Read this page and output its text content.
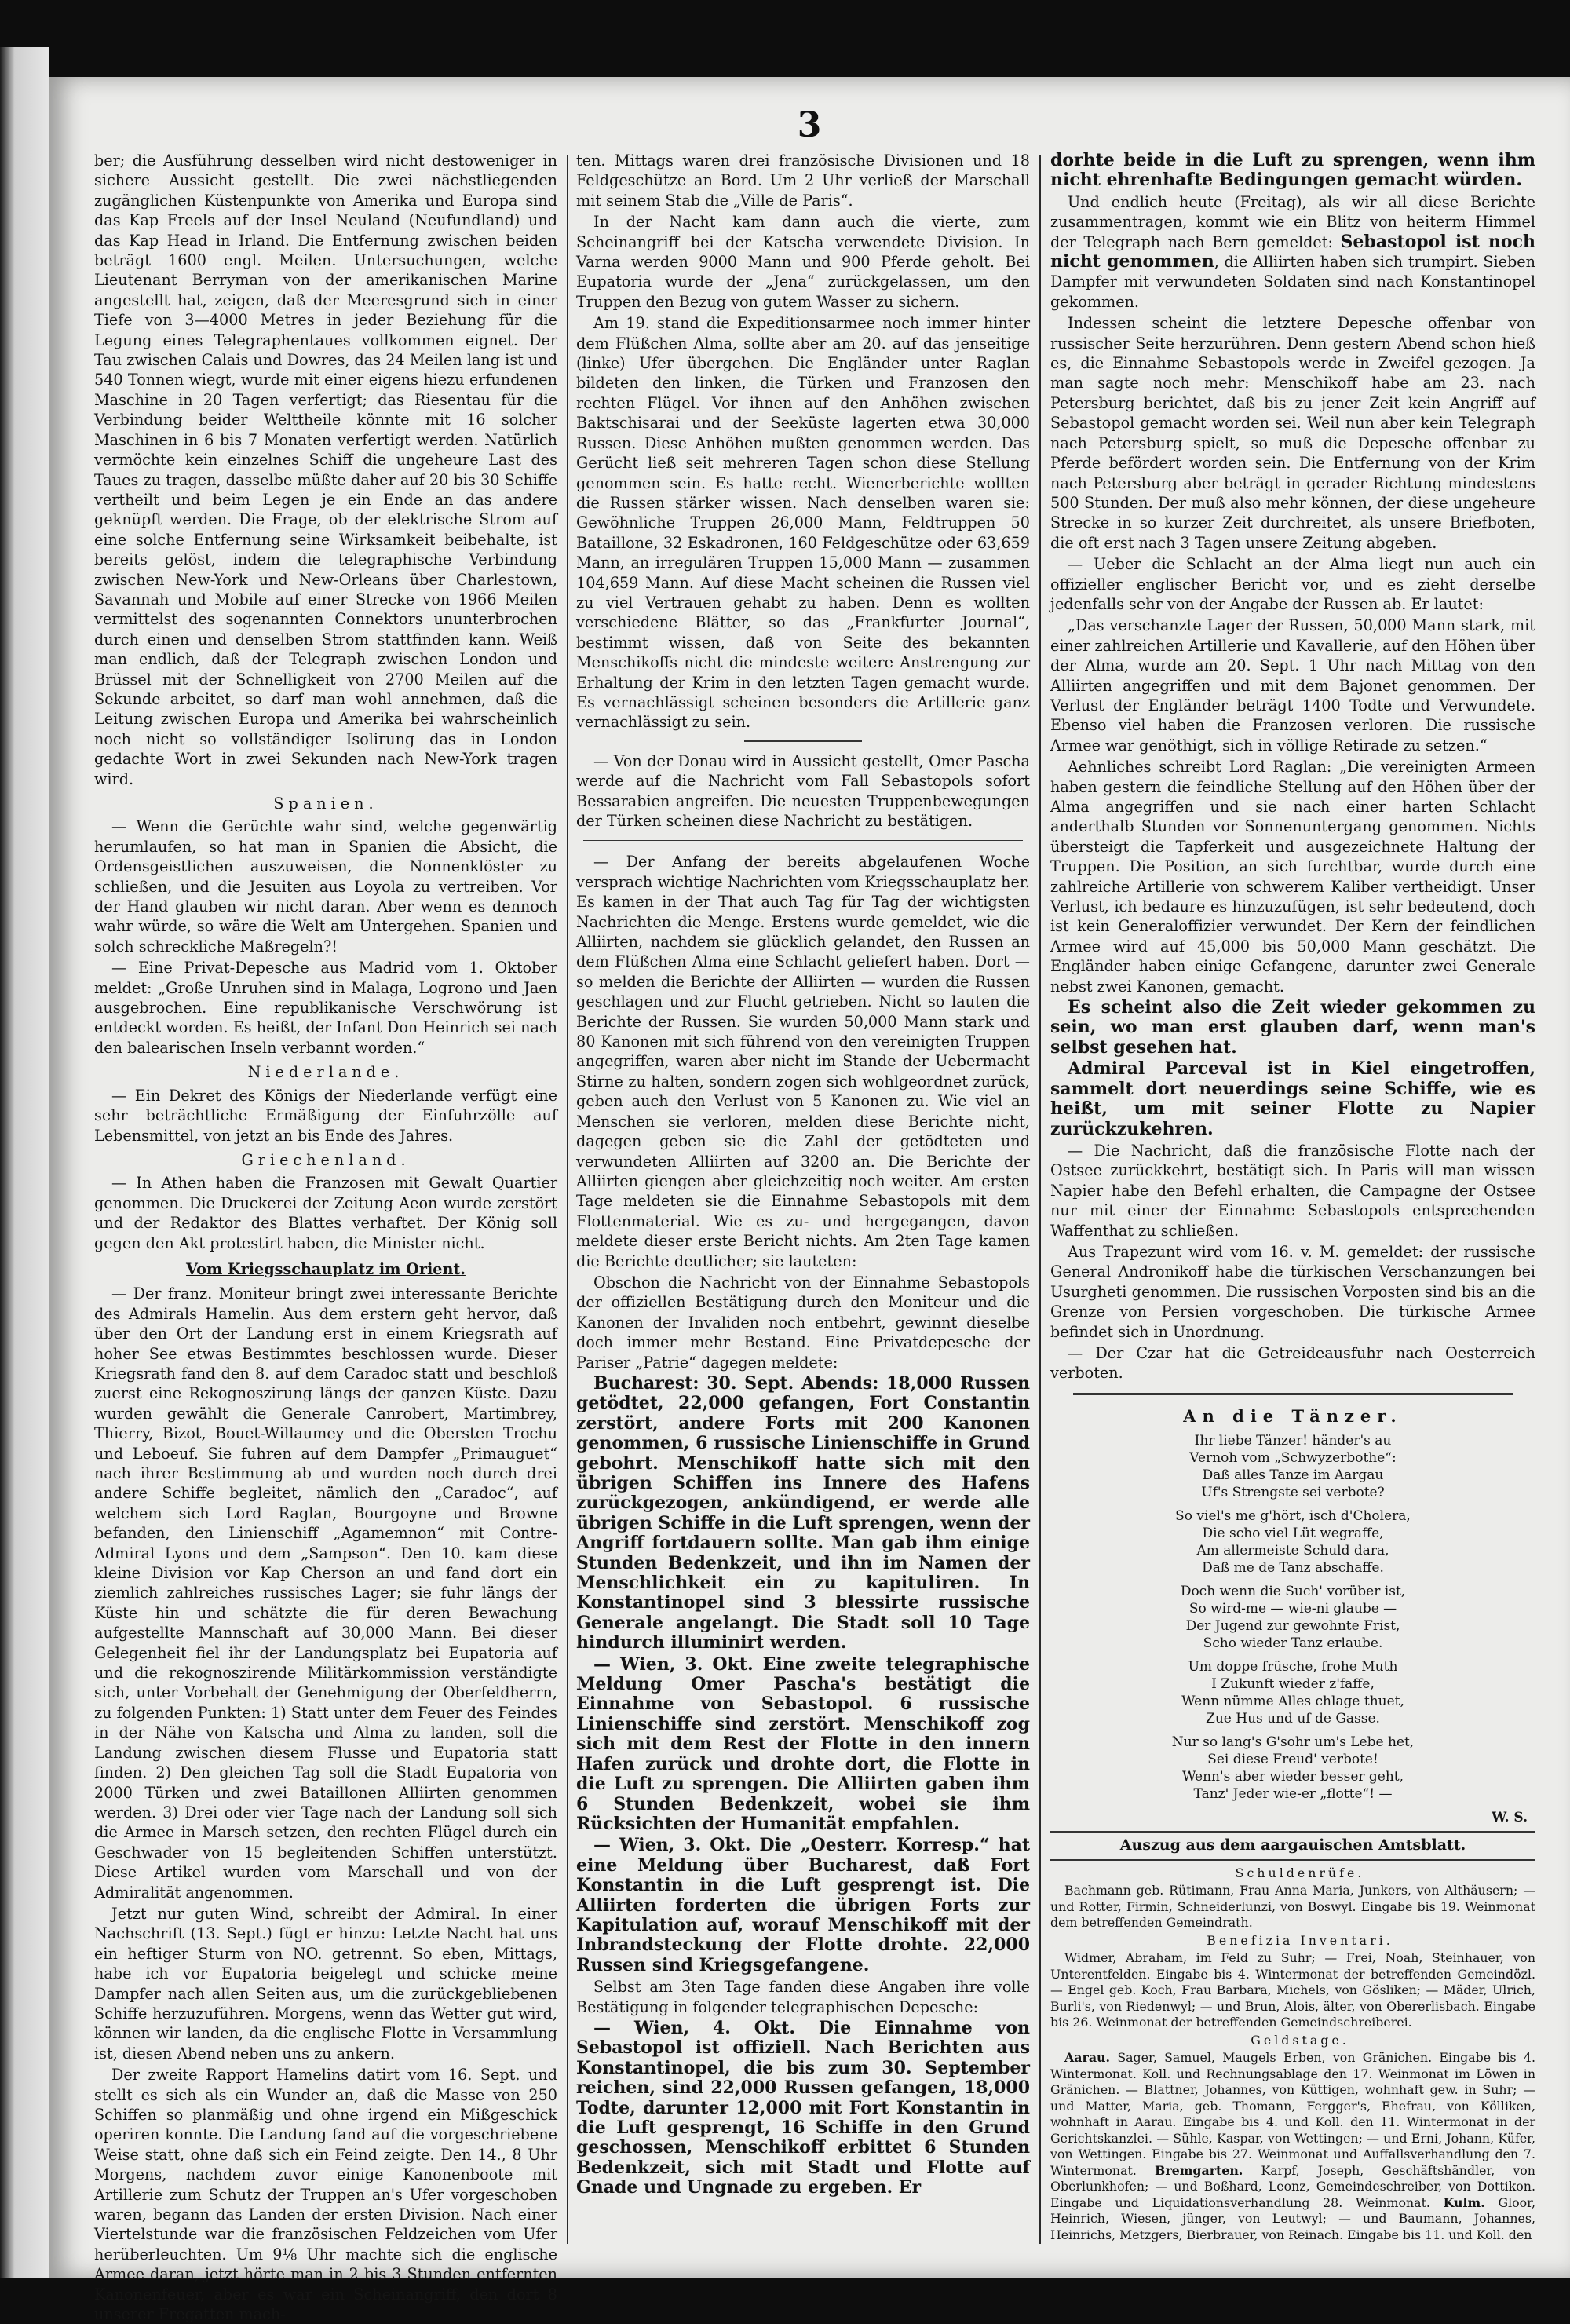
3

ber; die Ausführung desselben wird nicht destoweniger in sichere Aussicht gestellt. Die zwei nächstliegenden zugänglichen Küstenpunkte von Amerika und Europa sind das Kap Freels auf der Insel Neuland (Neufundland) und das Kap Head in Irland. Die Entfernung zwischen beiden beträgt 1600 engl. Meilen. Untersuchungen, welche Lieutenant Berryman von der amerikanischen Marine angestellt hat, zeigen, daß der Meeresgrund sich in einer Tiefe von 3—4000 Metres in jeder Beziehung für die Legung eines Telegraphentaues vollkommen eignet. Der Tau zwischen Calais und Dowres, das 24 Meilen lang ist und 540 Tonnen wiegt, wurde mit einer eigens hiezu erfundenen Maschine in 20 Tagen verfertigt; das Riesentau für die Verbindung beider Welttheile könnte mit 16 solcher Maschinen in 6 bis 7 Monaten verfertigt werden. Natürlich vermöchte kein einzelnes Schiff die ungeheure Last des Taues zu tragen, dasselbe müßte daher auf 20 bis 30 Schiffe vertheilt und beim Legen je ein Ende an das andere geknüpft werden. Die Frage, ob der elektrische Strom auf eine solche Entfernung seine Wirksamkeit beibehalte, ist bereits gelöst, indem die telegraphische Verbindung zwischen New-York und New-Orleans über Charlestown, Savannah und Mobile auf einer Strecke von 1966 Meilen vermittelst des sogenannten Connektors ununterbrochen durch einen und denselben Strom stattfinden kann. Weiß man endlich, daß der Telegraph zwischen London und Brüssel mit der Schnelligkeit von 2700 Meilen auf die Sekunde arbeitet, so darf man wohl annehmen, daß die Leitung zwischen Europa und Amerika bei wahrscheinlich noch nicht so vollständiger Isolirung das in London gedachte Wort in zwei Sekunden nach New-York tragen wird.

Spanien.

— Wenn die Gerüchte wahr sind, welche gegenwärtig herumlaufen, so hat man in Spanien die Absicht, die Ordensgeistlichen auszuweisen, die Nonnenklöster zu schließen, und die Jesuiten aus Loyola zu vertreiben. Vor der Hand glauben wir nicht daran. Aber wenn es dennoch wahr würde, so wäre die Welt am Untergehen. Spanien und solch schreckliche Maßregeln?!

— Eine Privat-Depesche aus Madrid vom 1. Oktober meldet: „Große Unruhen sind in Malaga, Logrono und Jaen ausgebrochen. Eine republikanische Verschwörung ist entdeckt worden. Es heißt, der Infant Don Heinrich sei nach den balearischen Inseln verbannt worden.“

Niederlande.

— Ein Dekret des Königs der Niederlande verfügt eine sehr beträchtliche Ermäßigung der Einfuhrzölle auf Lebensmittel, von jetzt an bis Ende des Jahres.

Griechenland.

— In Athen haben die Franzosen mit Gewalt Quartier genommen. Die Druckerei der Zeitung Aeon wurde zerstört und der Redaktor des Blattes verhaftet. Der König soll gegen den Akt protestirt haben, die Minister nicht.

Vom Kriegsschauplatz im Orient.

— Der franz. Moniteur bringt zwei interessante Berichte des Admirals Hamelin. Aus dem erstern geht hervor, daß über den Ort der Landung erst in einem Kriegsrath auf hoher See etwas Bestimmtes beschlossen wurde. Dieser Kriegsrath fand den 8. auf dem Caradoc statt und beschloß zuerst eine Rekognoszirung längs der ganzen Küste. Dazu wurden gewählt die Generale Canrobert, Martimbrey, Thierry, Bizot, Bouet-Willaumey und die Obersten Trochu und Leboeuf. Sie fuhren auf dem Dampfer „Primauguet“ nach ihrer Bestimmung ab und wurden noch durch drei andere Schiffe begleitet, nämlich den „Caradoc“, auf welchem sich Lord Raglan, Bourgoyne und Browne befanden, den Linienschiff „Agamemnon“ mit Contre-Admiral Lyons und dem „Sampson“. Den 10. kam diese kleine Division vor Kap Cherson an und fand dort ein ziemlich zahlreiches russisches Lager; sie fuhr längs der Küste hin und schätzte die für deren Bewachung aufgestellte Mannschaft auf 30,000 Mann. Bei dieser Gelegenheit fiel ihr der Landungsplatz bei Eupatoria auf und die rekognoszirende Militärkommission verständigte sich, unter Vorbehalt der Genehmigung der Oberfeldherrn, zu folgenden Punkten: 1) Statt unter dem Feuer des Feindes in der Nähe von Katscha und Alma zu landen, soll die Landung zwischen diesem Flusse und Eupatoria statt finden. 2) Den gleichen Tag soll die Stadt Eupatoria von 2000 Türken und zwei Bataillonen Alliirten genommen werden. 3) Drei oder vier Tage nach der Landung soll sich die Armee in Marsch setzen, den rechten Flügel durch ein Geschwader von 15 begleitenden Schiffen unterstützt. Diese Artikel wurden vom Marschall und von der Admiralität angenommen.

Jetzt nur guten Wind, schreibt der Admiral. In einer Nachschrift (13. Sept.) fügt er hinzu: Letzte Nacht hat uns ein heftiger Sturm von NO. getrennt. So eben, Mittags, habe ich vor Eupatoria beigelegt und schicke meine Dampfer nach allen Seiten aus, um die zurückgebliebenen Schiffe herzuzuführen. Morgens, wenn das Wetter gut wird, können wir landen, da die englische Flotte in Versammlung ist, diesen Abend neben uns zu ankern.

Der zweite Rapport Hamelins datirt vom 16. Sept. und stellt es sich als ein Wunder an, daß die Masse von 250 Schiffen so planmäßig und ohne irgend ein Mißgeschick operiren konnte. Die Landung fand auf die vorgeschriebene Weise statt, ohne daß sich ein Feind zeigte. Den 14., 8 Uhr Morgens, nachdem zuvor einige Kanonenboote mit Artillerie zum Schutz der Truppen an's Ufer vorgeschoben waren, begann das Landen der ersten Division. Nach einer Viertelstunde war die französischen Feldzeichen vom Ufer herüberleuchten. Um 9⅛ Uhr machte sich die englische Armee daran, jetzt hörte man in 2 bis 3 Stunden entfernten Kanonenfeuer, aber es war ein Scheinangriff, den dort 8 unserer Fregatten mach-

ten. Mittags waren drei französische Divisionen und 18 Feldgeschütze an Bord. Um 2 Uhr verließ der Marschall mit seinem Stab die „Ville de Paris“.

In der Nacht kam dann auch die vierte, zum Scheinangriff bei der Katscha verwendete Division. In Varna werden 9000 Mann und 900 Pferde geholt. Bei Eupatoria wurde der „Jena“ zurückgelassen, um den Truppen den Bezug von gutem Wasser zu sichern.

Am 19. stand die Expeditionsarmee noch immer hinter dem Flüßchen Alma, sollte aber am 20. auf das jenseitige (linke) Ufer übergehen. Die Engländer unter Raglan bildeten den linken, die Türken und Franzosen den rechten Flügel. Vor ihnen auf den Anhöhen zwischen Baktschisarai und der Seeküste lagerten etwa 30,000 Russen. Diese Anhöhen mußten genommen werden. Das Gerücht ließ seit mehreren Tagen schon diese Stellung genommen sein. Es hatte recht. Wienerberichte wollten die Russen stärker wissen. Nach denselben waren sie: Gewöhnliche Truppen 26,000 Mann, Feldtruppen 50 Bataillone, 32 Eskadronen, 160 Feldgeschütze oder 63,659 Mann, an irregulären Truppen 15,000 Mann — zusammen 104,659 Mann. Auf diese Macht scheinen die Russen viel zu viel Vertrauen gehabt zu haben. Denn es wollten verschiedene Blätter, so das „Frankfurter Journal“, bestimmt wissen, daß von Seite des bekannten Menschikoffs nicht die mindeste weitere Anstrengung zur Erhaltung der Krim in den letzten Tagen gemacht wurde. Es vernachlässigt scheinen besonders die Artillerie ganz vernachlässigt zu sein.

— Von der Donau wird in Aussicht gestellt, Omer Pascha werde auf die Nachricht vom Fall Sebastopols sofort Bessarabien angreifen. Die neuesten Truppenbewegungen der Türken scheinen diese Nachricht zu bestätigen.

— Der Anfang der bereits abgelaufenen Woche versprach wichtige Nachrichten vom Kriegsschauplatz her. Es kamen in der That auch Tag für Tag der wichtigsten Nachrichten die Menge. Erstens wurde gemeldet, wie die Alliirten, nachdem sie glücklich gelandet, den Russen an dem Flüßchen Alma eine Schlacht geliefert haben. Dort — so melden die Berichte der Alliirten — wurden die Russen geschlagen und zur Flucht getrieben. Nicht so lauten die Berichte der Russen. Sie wurden 50,000 Mann stark und 80 Kanonen mit sich führend von den vereinigten Truppen angegriffen, waren aber nicht im Stande der Uebermacht Stirne zu halten, sondern zogen sich wohlgeordnet zurück, geben auch den Verlust von 5 Kanonen zu. Wie viel an Menschen sie verloren, melden diese Berichte nicht, dagegen geben sie die Zahl der getödteten und verwundeten Alliirten auf 3200 an. Die Berichte der Alliirten giengen aber gleichzeitig noch weiter. Am ersten Tage meldeten sie die Einnahme Sebastopols mit dem Flottenmaterial. Wie es zu- und hergegangen, davon meldete dieser erste Bericht nichts. Am 2ten Tage kamen die Berichte deutlicher; sie lauteten:

Obschon die Nachricht von der Einnahme Sebastopols der offiziellen Bestätigung durch den Moniteur und die Kanonen der Invaliden noch entbehrt, gewinnt dieselbe doch immer mehr Bestand. Eine Privatdepesche der Pariser „Patrie“ dagegen meldete:

Bucharest: 30. Sept. Abends: 18,000 Russen getödtet, 22,000 gefangen, Fort Constantin zerstört, andere Forts mit 200 Kanonen genommen, 6 russische Linienschiffe in Grund gebohrt. Menschikoff hatte sich mit den übrigen Schiffen ins Innere des Hafens zurückgezogen, ankündigend, er werde alle übrigen Schiffe in die Luft sprengen, wenn der Angriff fortdauern sollte. Man gab ihm einige Stunden Bedenkzeit, und ihn im Namen der Menschlichkeit ein zu kapituliren. In Konstantinopel sind 3 blessirte russische Generale angelangt. Die Stadt soll 10 Tage hindurch illuminirt werden.

— Wien, 3. Okt. Eine zweite telegraphische Meldung Omer Pascha's bestätigt die Einnahme von Sebastopol. 6 russische Linienschiffe sind zerstört. Menschikoff zog sich mit dem Rest der Flotte in den innern Hafen zurück und drohte dort, die Flotte in die Luft zu sprengen. Die Alliirten gaben ihm 6 Stunden Bedenkzeit, wobei sie ihm Rücksichten der Humanität empfahlen.

— Wien, 3. Okt. Die „Oesterr. Korresp.“ hat eine Meldung über Bucharest, daß Fort Konstantin in die Luft gesprengt ist. Die Alliirten forderten die übrigen Forts zur Kapitulation auf, worauf Menschikoff mit der Inbrandsteckung der Flotte drohte. 22,000 Russen sind Kriegsgefangene.

Selbst am 3ten Tage fanden diese Angaben ihre volle Bestätigung in folgender telegraphischen Depesche:

— Wien, 4. Okt. Die Einnahme von Sebastopol ist offiziell. Nach Berichten aus Konstantinopel, die bis zum 30. September reichen, sind 22,000 Russen gefangen, 18,000 Todte, darunter 12,000 mit Fort Konstantin in die Luft gesprengt, 16 Schiffe in den Grund geschossen, Menschikoff erbittet 6 Stunden Bedenkzeit, sich mit Stadt und Flotte auf Gnade und Ungnade zu ergeben. Er

dorhte beide in die Luft zu sprengen, wenn ihm nicht ehrenhafte Bedingungen gemacht würden.

Und endlich heute (Freitag), als wir all diese Berichte zusammentragen, kommt wie ein Blitz von heiterm Himmel der Telegraph nach Bern gemeldet: Sebastopol ist noch nicht genommen, die Alliirten haben sich trumpirt. Sieben Dampfer mit verwundeten Soldaten sind nach Konstantinopel gekommen.

Indessen scheint die letztere Depesche offenbar von russischer Seite herzurühren. Denn gestern Abend schon hieß es, die Einnahme Sebastopols werde in Zweifel gezogen. Ja man sagte noch mehr: Menschikoff habe am 23. nach Petersburg berichtet, daß bis zu jener Zeit kein Angriff auf Sebastopol gemacht worden sei. Weil nun aber kein Telegraph nach Petersburg spielt, so muß die Depesche offenbar zu Pferde befördert worden sein. Die Entfernung von der Krim nach Petersburg aber beträgt in gerader Richtung mindestens 500 Stunden. Der muß also mehr können, der diese ungeheure Strecke in so kurzer Zeit durchreitet, als unsere Briefboten, die oft erst nach 3 Tagen unsere Zeitung abgeben.

— Ueber die Schlacht an der Alma liegt nun auch ein offizieller englischer Bericht vor, und es zieht derselbe jedenfalls sehr von der Angabe der Russen ab. Er lautet:

„Das verschanzte Lager der Russen, 50,000 Mann stark, mit einer zahlreichen Artillerie und Kavallerie, auf den Höhen über der Alma, wurde am 20. Sept. 1 Uhr nach Mittag von den Alliirten angegriffen und mit dem Bajonet genommen. Der Verlust der Engländer beträgt 1400 Todte und Verwundete. Ebenso viel haben die Franzosen verloren. Die russische Armee war genöthigt, sich in völlige Retirade zu setzen.“

Aehnliches schreibt Lord Raglan: „Die vereinigten Armeen haben gestern die feindliche Stellung auf den Höhen über der Alma angegriffen und sie nach einer harten Schlacht anderthalb Stunden vor Sonnenuntergang genommen. Nichts übersteigt die Tapferkeit und ausgezeichnete Haltung der Truppen. Die Position, an sich furchtbar, wurde durch eine zahlreiche Artillerie von schwerem Kaliber vertheidigt. Unser Verlust, ich bedaure es hinzuzufügen, ist sehr bedeutend, doch ist kein Generaloffizier verwundet. Der Kern der feindlichen Armee wird auf 45,000 bis 50,000 Mann geschätzt. Die Engländer haben einige Gefangene, darunter zwei Generale nebst zwei Kanonen, gemacht.

Es scheint also die Zeit wieder gekommen zu sein, wo man erst glauben darf, wenn man's selbst gesehen hat.

Admiral Parceval ist in Kiel eingetroffen, sammelt dort neuerdings seine Schiffe, wie es heißt, um mit seiner Flotte zu Napier zurückzukehren.

— Die Nachricht, daß die französische Flotte nach der Ostsee zurückkehrt, bestätigt sich. In Paris will man wissen Napier habe den Befehl erhalten, die Campagne der Ostsee nur mit einer der Einnahme Sebastopols entsprechenden Waffenthat zu schließen.

Aus Trapezunt wird vom 16. v. M. gemeldet: der russische General Andronikoff habe die türkischen Verschanzungen bei Usurgheti genommen. Die russischen Vorposten sind bis an die Grenze von Persien vorgeschoben. Die türkische Armee befindet sich in Unordnung.

— Der Czar hat die Getreideausfuhr nach Oesterreich verboten.

An die Tänzer.
Ihr liebe Tänzer! händer's au
Vernoh vom „Schwyzerbothe“:
Daß alles Tanze im Aargau
Uf's Strengste sei verbote?
So viel's me g'hört, isch d'Cholera,
Die scho viel Lüt wegraffe,
Am allermeiste Schuld dara,
Daß me de Tanz abschaffe.
Doch wenn die Such' vorüber ist,
So wird-me — wie-ni glaube —
Der Jugend zur gewohnte Frist,
Scho wieder Tanz erlaube.
Um doppe früsche, frohe Muth
I Zukunft wieder z'faffe,
Wenn nümme Alles chlage thuet,
Zue Hus und uf de Gasse.
Nur so lang's G'sohr um's Lebe het,
Sei diese Freud' verbote!
Wenn's aber wieder besser geht,
Tanz' Jeder wie-er „flotte“! —
W. S.
Auszug aus dem aargauischen Amtsblatt.

Schuldenrüfe.

Bachmann geb. Rütimann, Frau Anna Maria, Junkers, von Althäusern; — und Rotter, Firmin, Schneiderlunzi, von Boswyl. Eingabe bis 19. Weinmonat dem betreffenden Gemeindrath.

Benefizia Inventari.

Widmer, Abraham, im Feld zu Suhr; — Frei, Noah, Steinhauer, von Unterentfelden. Eingabe bis 4. Wintermonat der betreffenden Gemeindözl. — Engel geb. Koch, Frau Barbara, Michels, von Gösliken; — Mäder, Ulrich, Burli's, von Riedenwyl; — und Brun, Alois, älter, von Obererlisbach. Eingabe bis 26. Weinmonat der betreffenden Gemeindschreiberei.

Geldstage.

Aarau. Sager, Samuel, Maugels Erben, von Gränichen. Eingabe bis 4. Wintermonat. Koll. und Rechnungsablage den 17. Weinmonat im Löwen in Gränichen. — Blattner, Johannes, von Küttigen, wohnhaft gew. in Suhr; — und Matter, Maria, geb. Thomann, Fergger's, Ehefrau, von Kölliken, wohnhaft in Aarau. Eingabe bis 4. und Koll. den 11. Wintermonat in der Gerichtskanzlei. — Sühle, Kaspar, von Wettingen; — und Erni, Johann, Küfer, von Wettingen. Eingabe bis 27. Weinmonat und Auffallsverhandlung den 7. Wintermonat. Bremgarten. Karpf, Joseph, Geschäftshändler, von Oberlunkhofen; — und Boßhard, Leonz, Gemeindeschreiber, von Dottikon. Eingabe und Liquidationsverhandlung 28. Weinmonat. Kulm. Gloor, Heinrich, Wiesen, jünger, von Leutwyl; — und Baumann, Johannes, Heinrichs, Metzgers, Bierbrauer, von Reinach. Eingabe bis 11. und Koll. den
